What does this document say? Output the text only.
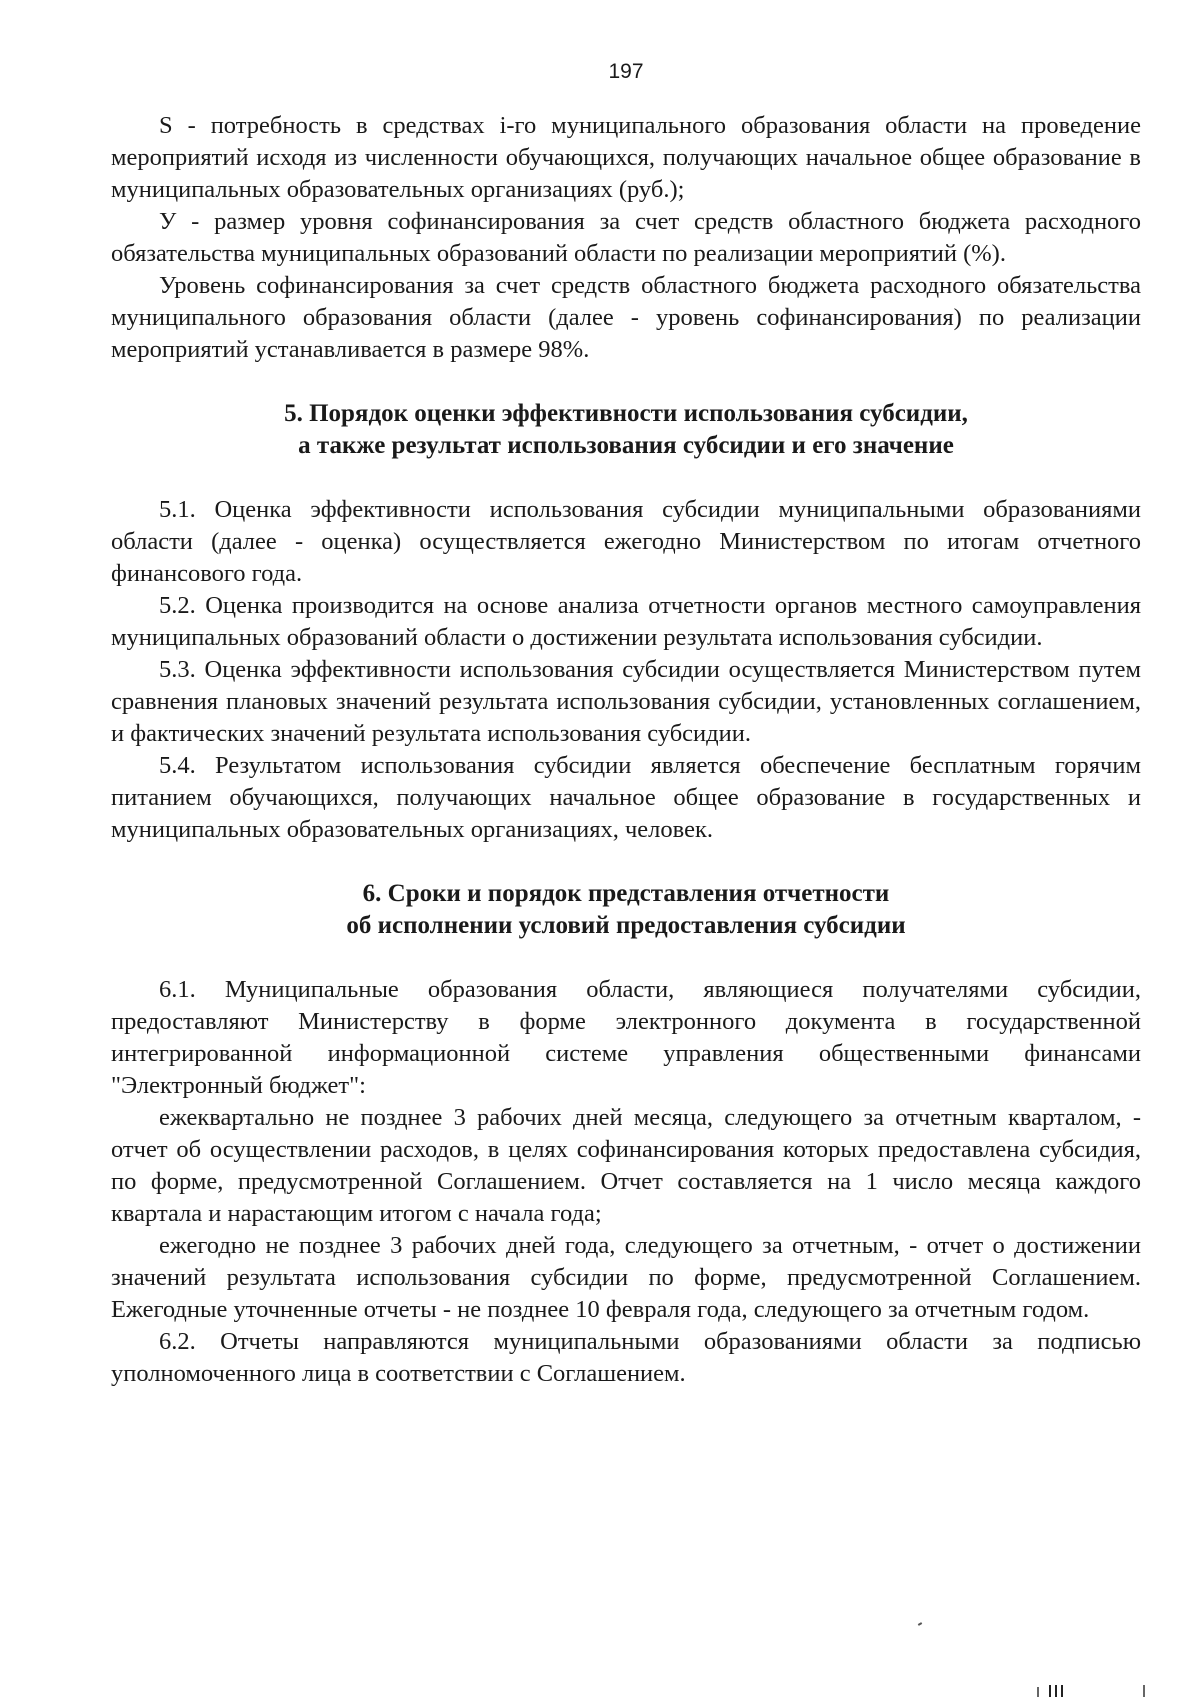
197

S - потребность в средствах i-го муниципального образования области на проведение мероприятий исходя из численности обучающихся, получающих начальное общее образование в муниципальных образовательных организациях (руб.);

У - размер уровня софинансирования за счет средств областного бюджета расходного обязательства муниципальных образований области по реализации мероприятий (%).

Уровень софинансирования за счет средств областного бюджета расходного обязательства муниципального образования области (далее - уровень софинансирования) по реализации мероприятий устанавливается в размере 98%.

5. Порядок оценки эффективности использования субсидии,
а также результат использования субсидии и его значение

5.1. Оценка эффективности использования субсидии муниципальными образованиями области (далее - оценка) осуществляется ежегодно Министерством по итогам отчетного финансового года.

5.2. Оценка производится на основе анализа отчетности органов местного самоуправления муниципальных образований области о достижении результата использования субсидии.

5.3. Оценка эффективности использования субсидии осуществляется Министерством путем сравнения плановых значений результата использования субсидии, установленных соглашением, и фактических значений результата использования субсидии.

5.4. Результатом использования субсидии является обеспечение бесплатным горячим питанием обучающихся, получающих начальное общее образование в государственных и муниципальных образовательных организациях, человек.

6. Сроки и порядок представления отчетности
об исполнении условий предоставления субсидии

6.1. Муниципальные образования области, являющиеся получателями субсидии, предоставляют Министерству в форме электронного документа в государственной интегрированной информационной системе управления общественными финансами "Электронный бюджет":

ежеквартально не позднее 3 рабочих дней месяца, следующего за отчетным кварталом, - отчет об осуществлении расходов, в целях софинансирования которых предоставлена субсидия, по форме, предусмотренной Соглашением. Отчет составляется на 1 число месяца каждого квартала и нарастающим итогом с начала года;

ежегодно не позднее 3 рабочих дней года, следующего за отчетным, - отчет о достижении значений результата использования субсидии по форме, предусмотренной Соглашением. Ежегодные уточненные отчеты - не позднее 10 февраля года, следующего за отчетным годом.

6.2. Отчеты направляются муниципальными образованиями области за подписью уполномоченного лица в соответствии с Соглашением.
